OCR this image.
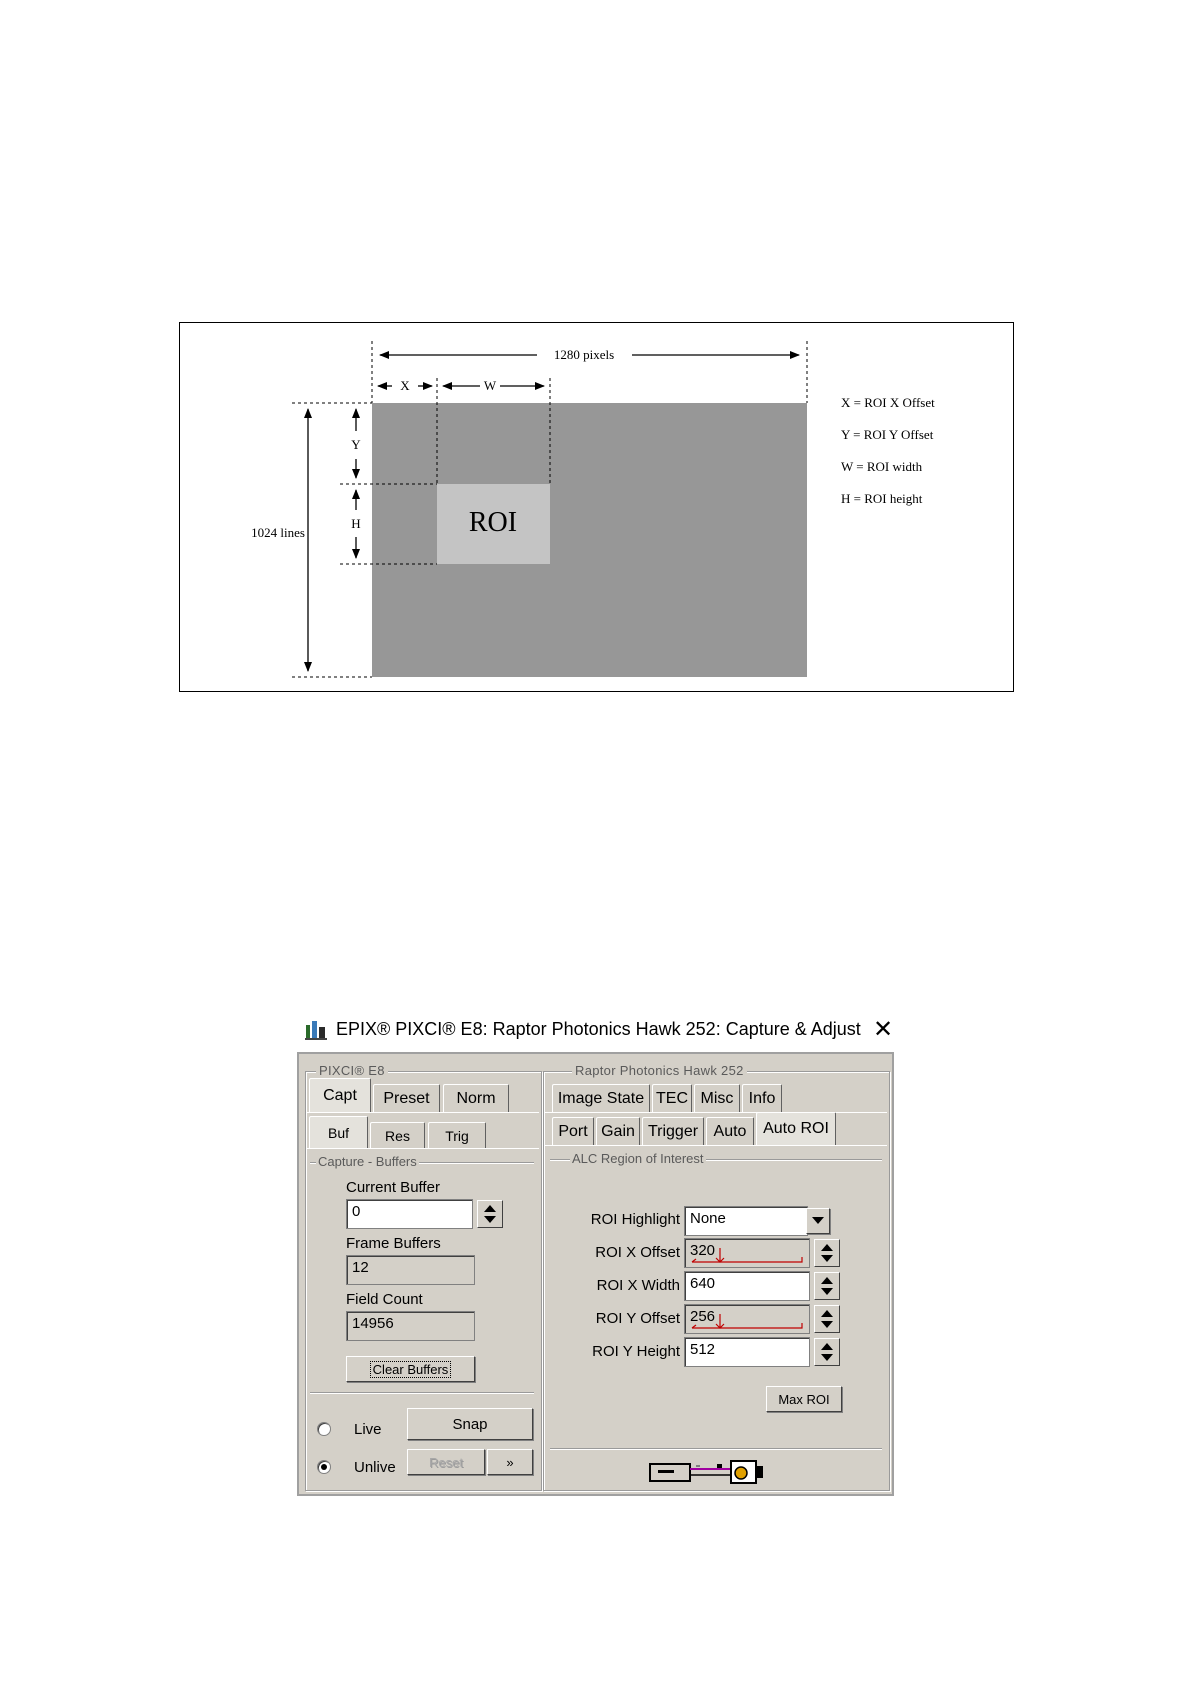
ROI
1280 pixels
X	W
Y
H
1024 lines
X = ROI X Offset
Y = ROI Y Offset
W = ROI width
H = ROI height
EPIX® PIXCI® E8: Raptor Photonics Hawk 252: Capture & Adjust ✕
PIXCI® E8
Capt Preset Norm
Buf	Res	Trig
Capture - Buffers
Current Buffer
0
Frame Buffers
12
Field Count
14956
Clear Buffers
Live	Snap
Unlive	Reset	»
Raptor Photonics Hawk 252
Image State TEC Misc Info
Port Gain Trigger Auto Auto ROI
ALC Region of Interest
ROI Highlight None
ROI X Offset 320
ROI X Width 640
ROI Y Offset 256
ROI Y Height 512
Max ROI
